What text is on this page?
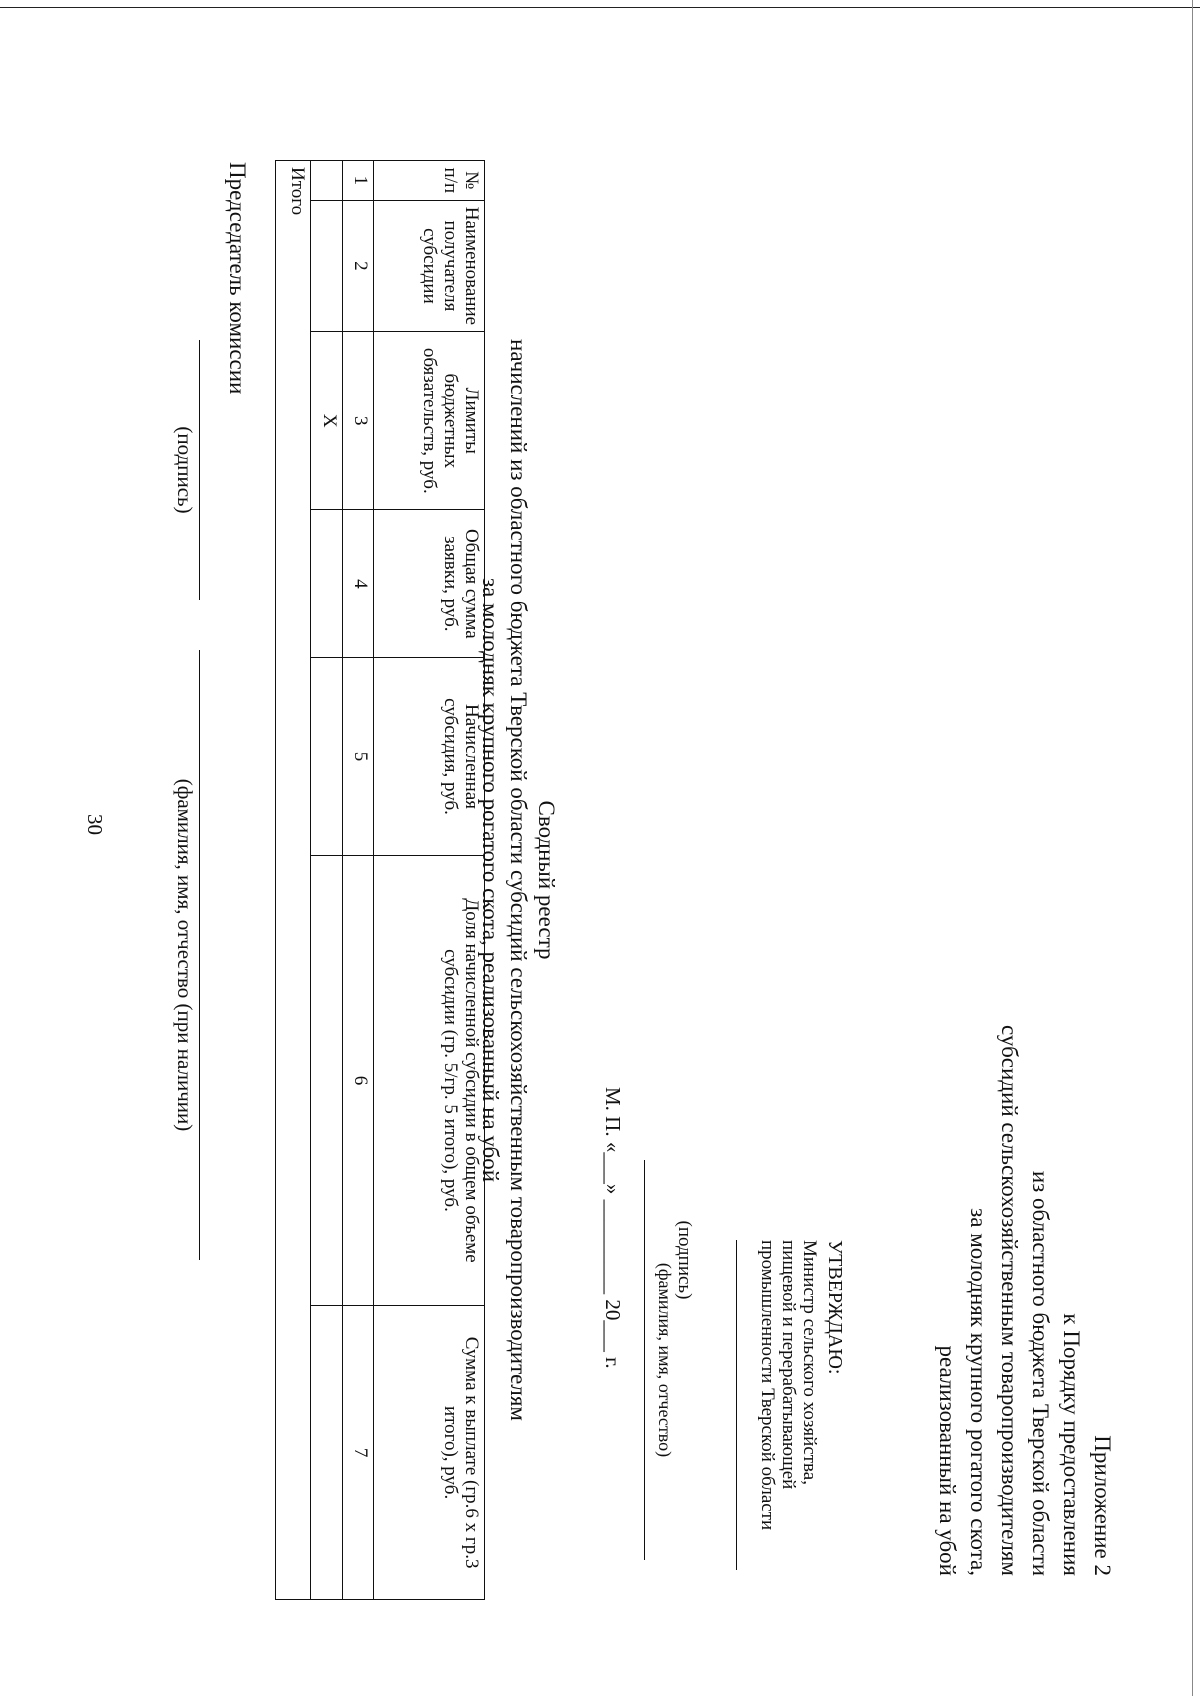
30
Приложение 2
к Порядку предоставления
из областного бюджета Тверской области
субсидий сельскохозяйственным товаропроизводителям
за молодняк крупного рогатого скота,
реализованный на убой
УТВЕРЖДАЮ:
Министр сельского хозяйства,
пищевой и перерабатывающей
промышленности Тверской области
(подпись)
(фамилия, имя, отчество)
М. П. «___» _________ 20___ г.
Сводный реестр
начислений из областного бюджета Тверской области субсидий сельскохозяйственным товаропроизводителям
за молодняк крупного рогатого скота, реализованный на убой
№ п/п	Наименование получателя субсидии	Лимиты бюджетных обязательств, руб.	Общая сумма заявки, руб.	Начисленная субсидия, руб.	Доля начисленной субсидии в общем объеме субсидии (гр. 5/гр. 5 итого), руб.	Сумма к выплате (гр.6 х гр.3 итого), руб.
1	2	3	4	5	6	7
		X				
Итого						
Председатель комиссии
(подпись)
(фамилия, имя, отчество (при наличии)
